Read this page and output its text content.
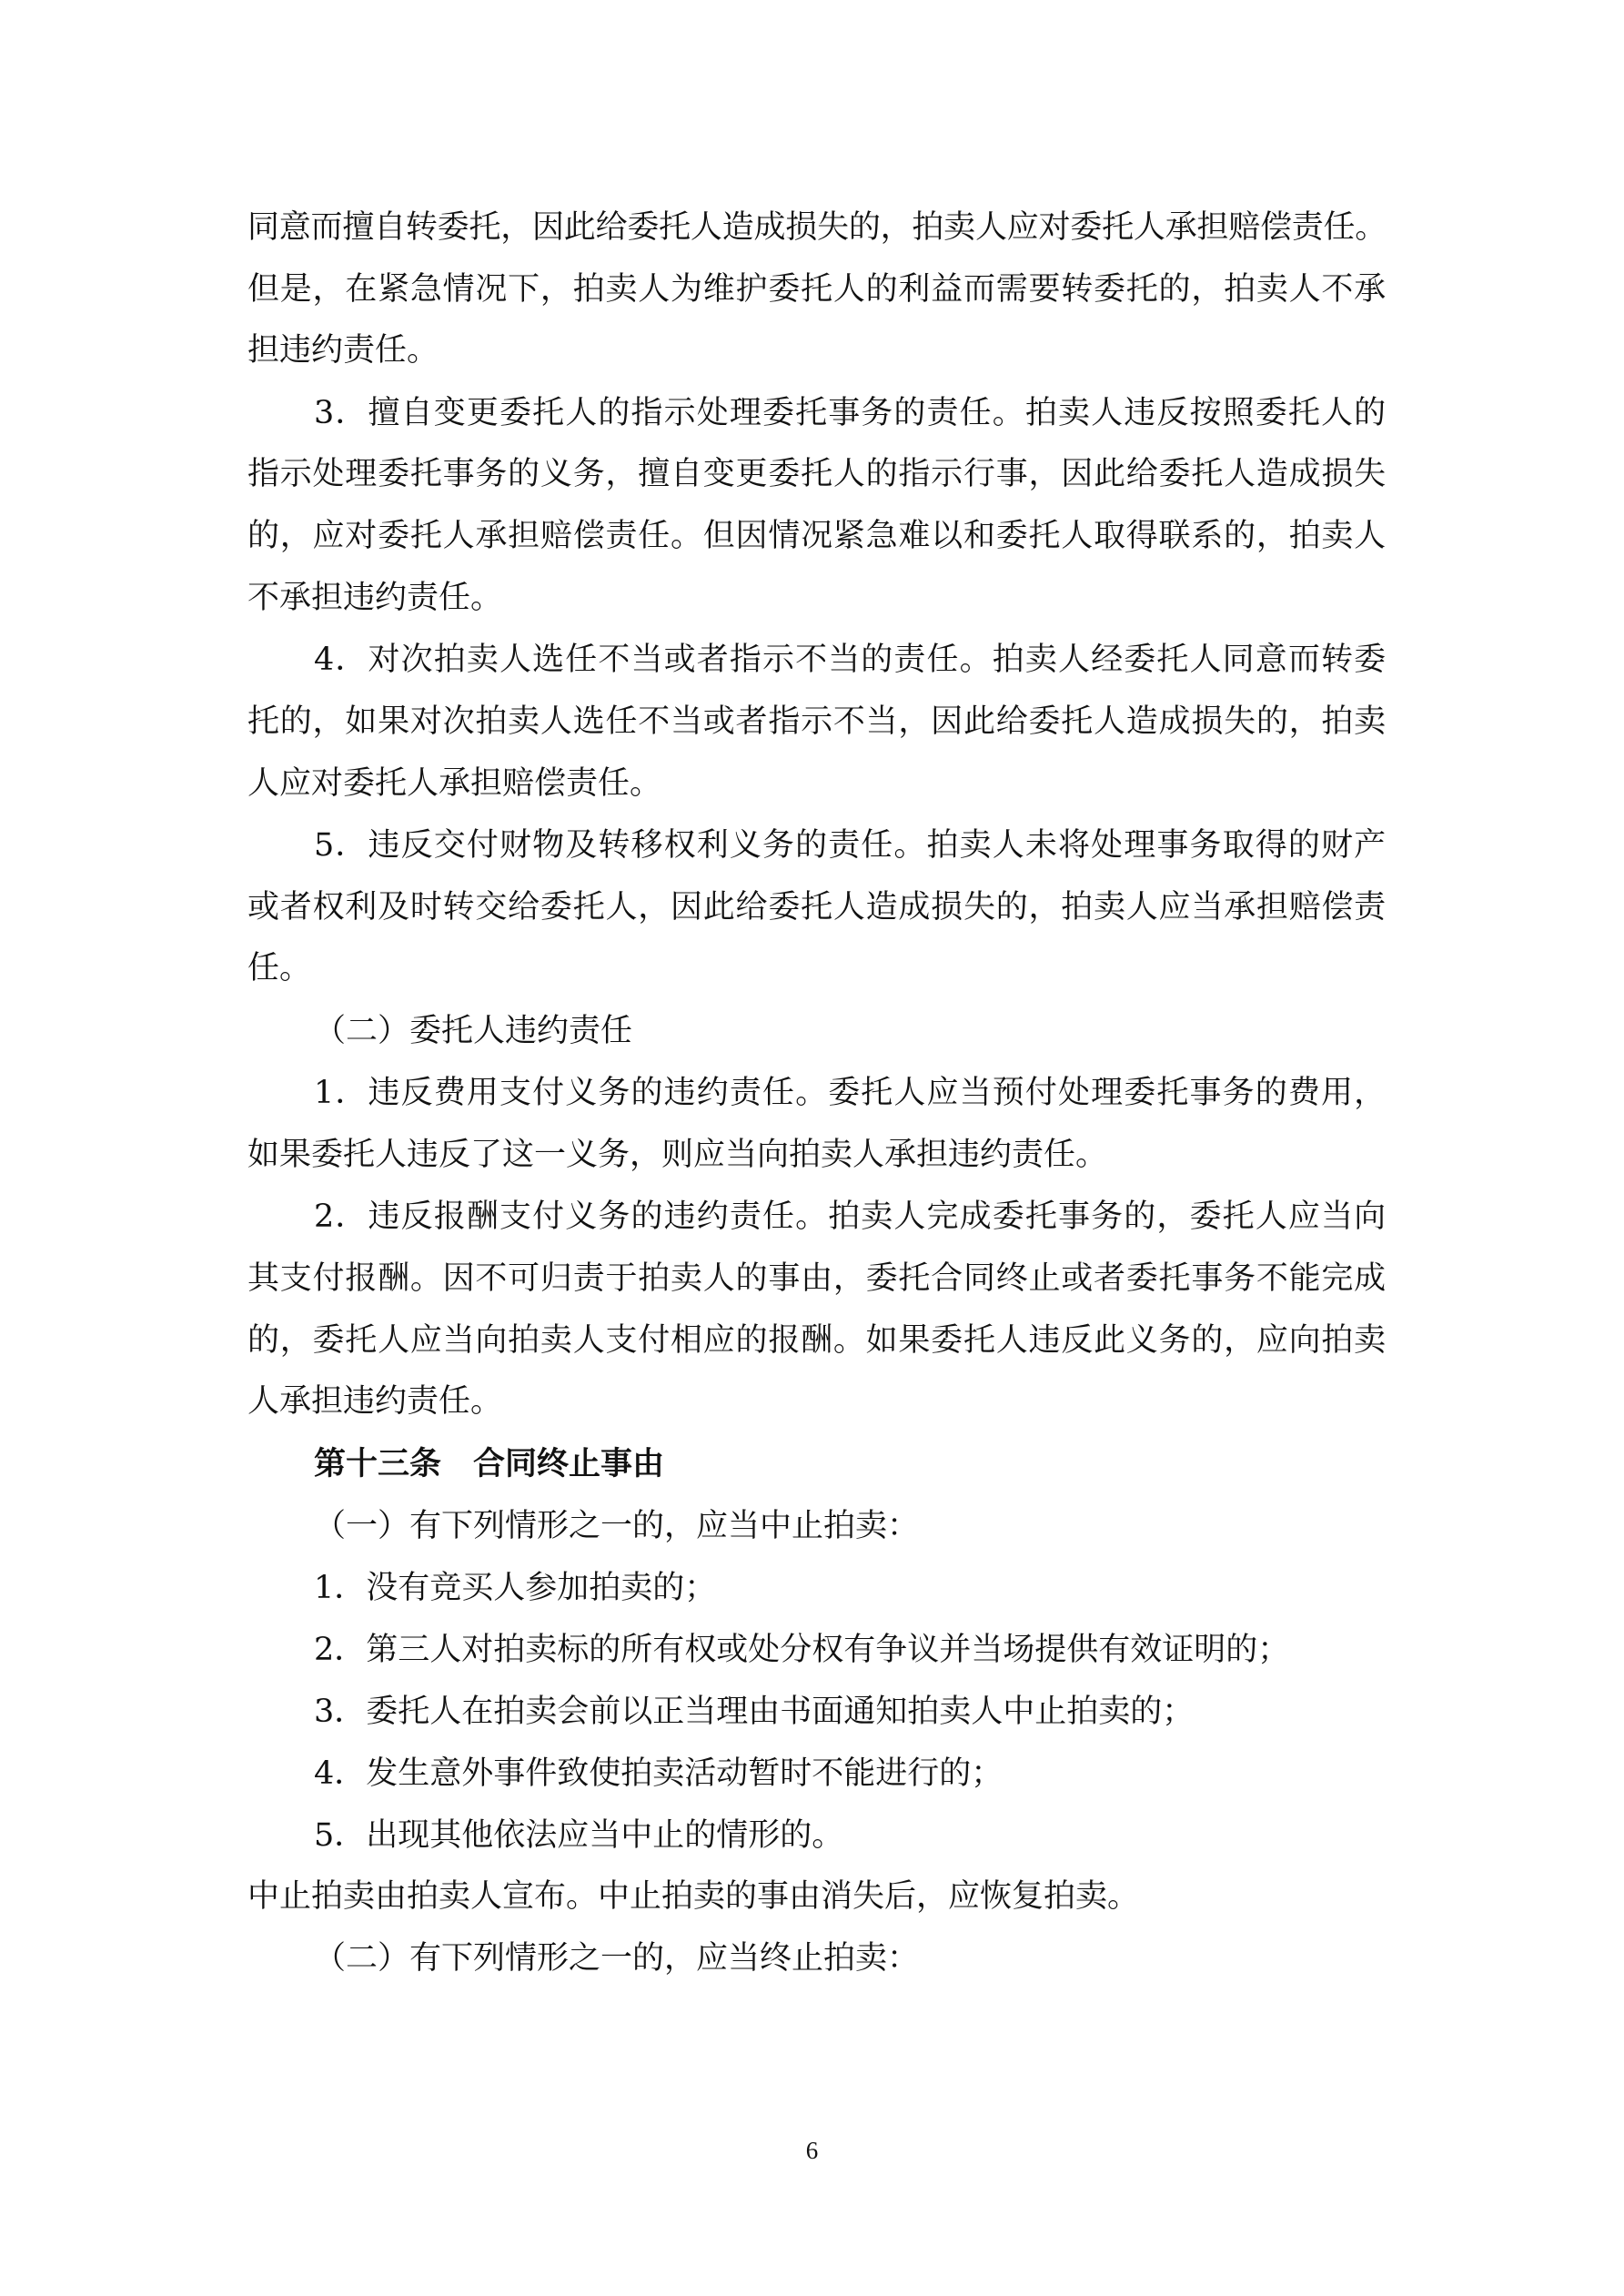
同意而擅自转委托，因此给委托人造成损失的，拍卖人应对委托人承担赔偿责任。
但是，在紧急情况下，拍卖人为维护委托人的利益而需要转委托的，拍卖人不承
担违约责任。
3．擅自变更委托人的指示处理委托事务的责任。拍卖人违反按照委托人的
指示处理委托事务的义务，擅自变更委托人的指示行事，因此给委托人造成损失
的，应对委托人承担赔偿责任。但因情况紧急难以和委托人取得联系的，拍卖人
不承担违约责任。
4．对次拍卖人选任不当或者指示不当的责任。拍卖人经委托人同意而转委
托的，如果对次拍卖人选任不当或者指示不当，因此给委托人造成损失的，拍卖
人应对委托人承担赔偿责任。
5．违反交付财物及转移权利义务的责任。拍卖人未将处理事务取得的财产
或者权利及时转交给委托人，因此给委托人造成损失的，拍卖人应当承担赔偿责
任。
（二）委托人违约责任
1．违反费用支付义务的违约责任。委托人应当预付处理委托事务的费用，
如果委托人违反了这一义务，则应当向拍卖人承担违约责任。
2．违反报酬支付义务的违约责任。拍卖人完成委托事务的，委托人应当向
其支付报酬。因不可归责于拍卖人的事由，委托合同终止或者委托事务不能完成
的，委托人应当向拍卖人支付相应的报酬。如果委托人违反此义务的，应向拍卖
人承担违约责任。
第十三条　合同终止事由
（一）有下列情形之一的，应当中止拍卖：
1．没有竞买人参加拍卖的；
2．第三人对拍卖标的所有权或处分权有争议并当场提供有效证明的；
3．委托人在拍卖会前以正当理由书面通知拍卖人中止拍卖的；
4．发生意外事件致使拍卖活动暂时不能进行的；
5．出现其他依法应当中止的情形的。
中止拍卖由拍卖人宣布。中止拍卖的事由消失后，应恢复拍卖。
（二）有下列情形之一的，应当终止拍卖：
6
